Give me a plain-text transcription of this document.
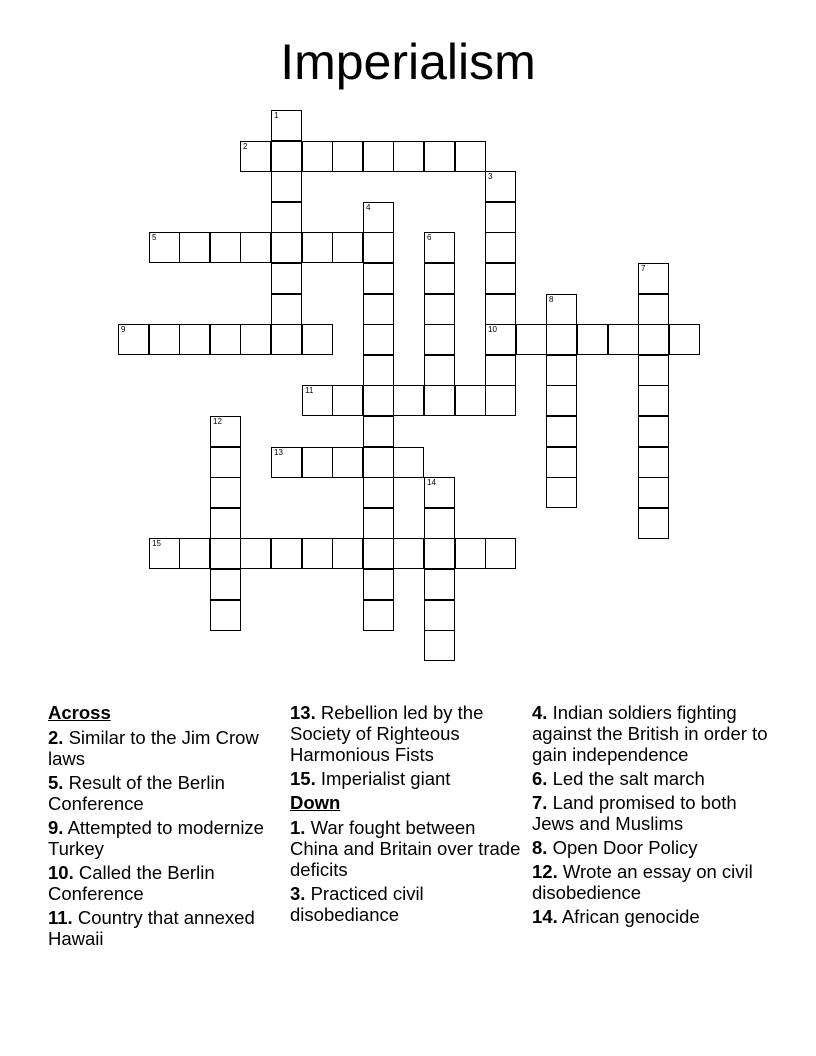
Imperialism
1
2
3
4
5	6
7
8
9	10
11
12
13
14
15
Across
2. Similar to the Jim Crow laws
5. Result of the Berlin Conference
9. Attempted to modernize Turkey
10. Called the Berlin Conference
11. Country that annexed Hawaii
13. Rebellion led by the Society of Righteous Harmonious Fists
15. Imperialist giant
Down
1. War fought between China and Britain over trade deficits
3. Practiced civil disobediance
4. Indian soldiers fighting against the British in order to gain independence
6. Led the salt march
7. Land promised to both Jews and Muslims
8. Open Door Policy
12. Wrote an essay on civil disobedience
14. African genocide
